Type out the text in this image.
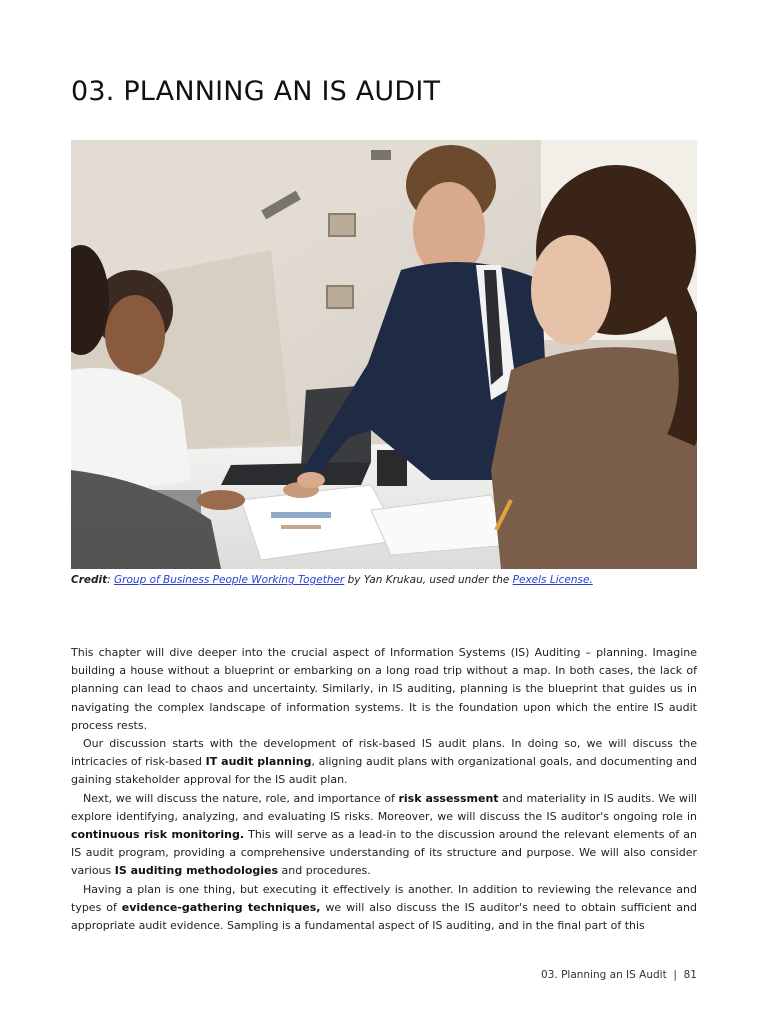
03. PLANNING AN IS AUDIT
Credit: Group of Business People Working Together by Yan Krukau, used under the Pexels License.

This chapter will dive deeper into the crucial aspect of Information Systems (IS) Auditing – planning. Imagine building a house without a blueprint or embarking on a long road trip without a map. In both cases, the lack of planning can lead to chaos and uncertainty. Similarly, in IS auditing, planning is the blueprint that guides us in navigating the complex landscape of information systems. It is the foundation upon which the entire IS audit process rests.

Our discussion starts with the development of risk-based IS audit plans. In doing so, we will discuss the intricacies of risk-based IT audit planning, aligning audit plans with organizational goals, and documenting and gaining stakeholder approval for the IS audit plan.

Next, we will discuss the nature, role, and importance of risk assessment and materiality in IS audits. We will explore identifying, analyzing, and evaluating IS risks. Moreover, we will discuss the IS auditor's ongoing role in continuous risk monitoring. This will serve as a lead-in to the discussion around the relevant elements of an IS audit program, providing a comprehensive understanding of its structure and purpose. We will also consider various IS auditing methodologies and procedures.

Having a plan is one thing, but executing it effectively is another. In addition to reviewing the relevance and types of evidence-gathering techniques, we will also discuss the IS auditor's need to obtain sufficient and appropriate audit evidence. Sampling is a fundamental aspect of IS auditing, and in the final part of this

03. Planning an IS Audit | 81
